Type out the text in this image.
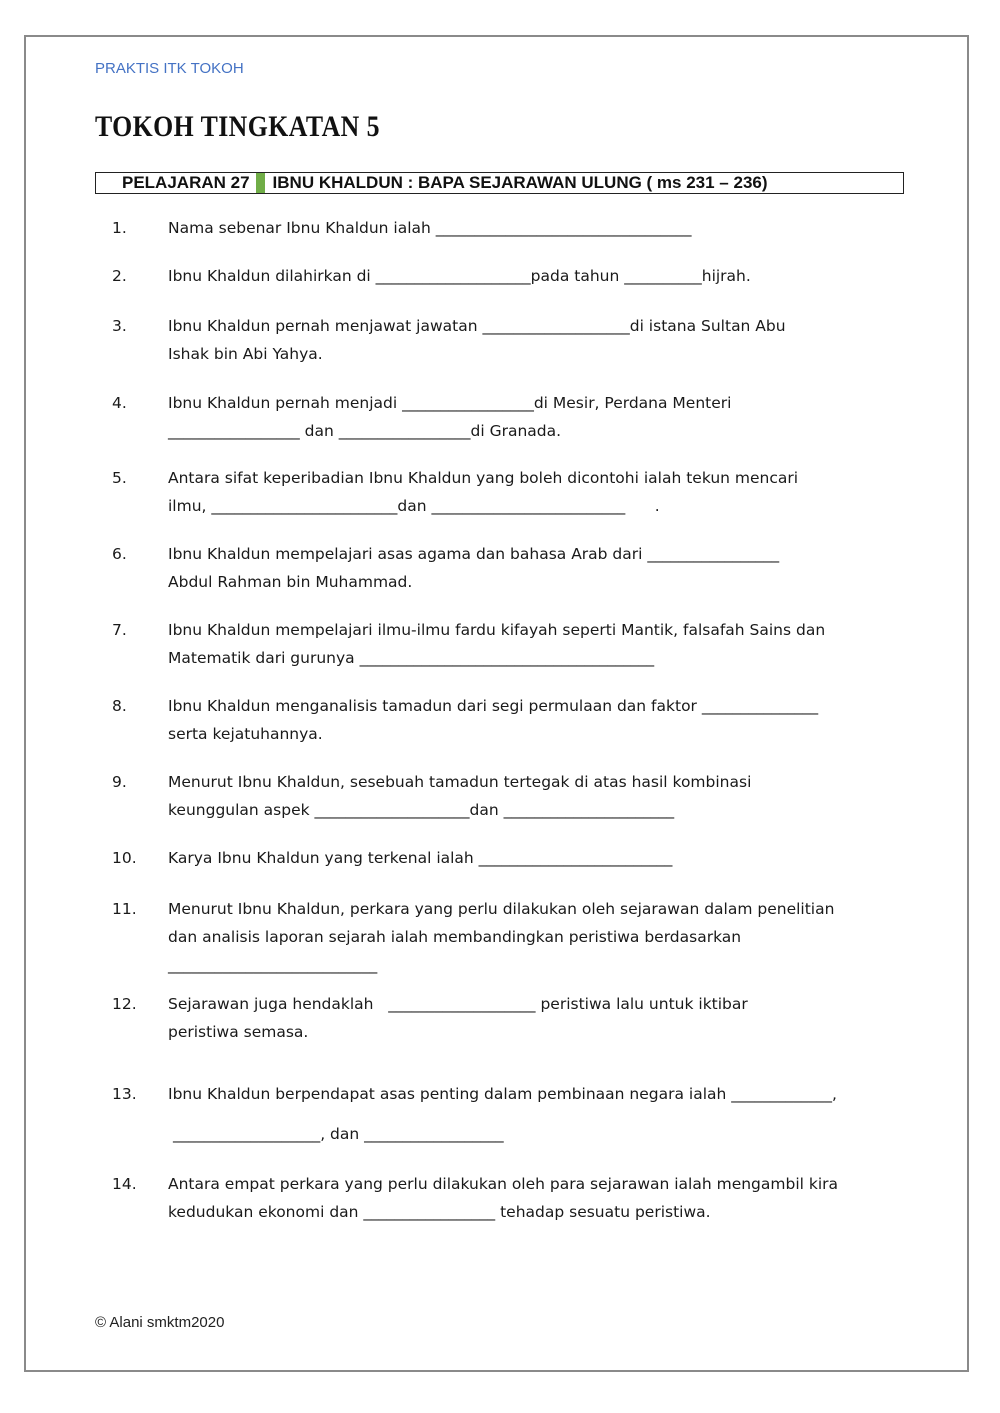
PRAKTIS ITK TOKOH
TOKOH TINGKATAN 5
PELAJARAN 27 IBNU KHALDUN : BAPA SEJARAWAN ULUNG ( ms 231 – 236)
1.	Nama sebenar Ibnu Khaldun ialah _________________________________
2.	Ibnu Khaldun dilahirkan di ____________________pada tahun __________hijrah.
3.	Ibnu Khaldun pernah menjawat jawatan ___________________di istana Sultan Abu
Ishak bin Abi Yahya.
4.	Ibnu Khaldun pernah menjadi _________________di Mesir, Perdana Menteri
_________________ dan _________________di Granada.
5.	Antara sifat keperibadian Ibnu Khaldun yang boleh dicontohi ialah tekun mencari
ilmu, ________________________dan _________________________      .
6.	Ibnu Khaldun mempelajari asas agama dan bahasa Arab dari _________________
Abdul Rahman bin Muhammad.
7.	Ibnu Khaldun mempelajari ilmu-ilmu fardu kifayah seperti Mantik, falsafah Sains dan
Matematik dari gurunya ______________________________________
8.	Ibnu Khaldun menganalisis tamadun dari segi permulaan dan faktor _______________
serta kejatuhannya.
9.	Menurut Ibnu Khaldun, sesebuah tamadun tertegak di atas hasil kombinasi
keunggulan aspek ____________________dan ______________________
10.	Karya Ibnu Khaldun yang terkenal ialah _________________________
11.	Menurut Ibnu Khaldun, perkara yang perlu dilakukan oleh sejarawan dalam penelitian
dan analisis laporan sejarah ialah membandingkan peristiwa berdasarkan
___________________________
12.	Sejarawan juga hendaklah   ___________________ peristiwa lalu untuk iktibar
peristiwa semasa.
13.	Ibnu Khaldun berpendapat asas penting dalam pembinaan negara ialah _____________,
___________________, dan __________________
14.	Antara empat perkara yang perlu dilakukan oleh para sejarawan ialah mengambil kira
kedudukan ekonomi dan _________________ tehadap sesuatu peristiwa.
© Alani smktm2020
